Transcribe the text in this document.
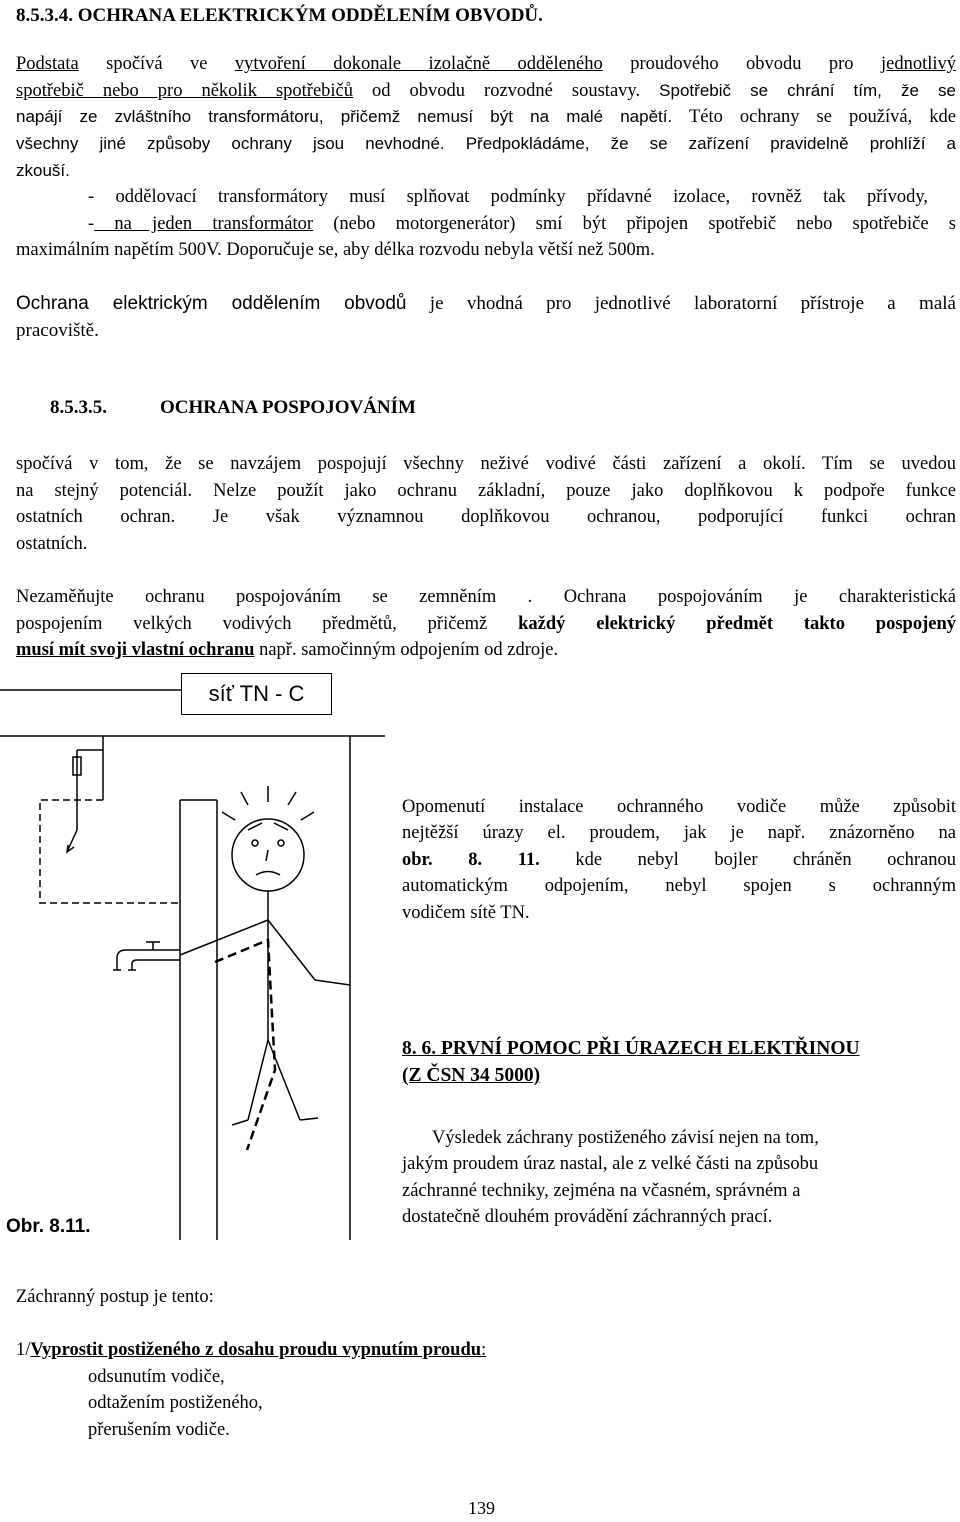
8.5.3.4. OCHRANA ELEKTRICKÝM ODDĚLENÍM OBVODŮ.
Podstata spočívá ve vytvoření dokonale izolačně odděleného proudového obvodu pro jednotlivý
spotřebič nebo pro několik spotřebičů od obvodu rozvodné soustavy. Spotřebič se chrání tím, že se
napájí ze zvláštního transformátoru, přičemž nemusí být na malé napětí. Této ochrany se používá, kde
všechny jiné způsoby ochrany jsou nevhodné. Předpokládáme, že se zařízení pravidelně prohlíží a
zkouší.
- oddělovací transformátory musí splňovat podmínky přídavné izolace, rovněž tak přívody,
- na jeden transformátor (nebo motorgenerátor) smí být připojen spotřebič nebo spotřebiče s
maximálním napětím 500V. Doporučuje se, aby délka rozvodu nebyla větší než 500m.
Ochrana elektrickým oddělením obvodů je vhodná pro jednotlivé laboratorní přístroje a malá
pracoviště.
8.5.3.5.	OCHRANA POSPOJOVÁNÍM
spočívá v tom, že se navzájem pospojují všechny neživé vodivé části zařízení a okolí. Tím se uvedou
na stejný potenciál. Nelze použít jako ochranu základní, pouze jako doplňkovou k podpoře funkce
ostatních ochran. Je však významnou doplňkovou ochranou, podporující funkci ochran
ostatních.
Nezaměňujte ochranu pospojováním se zemněním . Ochrana pospojováním je charakteristická
pospojením velkých vodivých předmětů, přičemž každý elektrický předmět takto pospojený
musí mít svoji vlastní ochranu např. samočinným odpojením od zdroje.
síť TN - C
Obr. 8.11.
Opomenutí instalace ochranného vodiče může způsobit
nejtěžší úrazy el. proudem, jak je např. znázorněno na
obr. 8. 11. kde nebyl bojler chráněn ochranou
automatickým odpojením, nebyl spojen s ochranným
vodičem sítě TN.
8. 6. PRVNÍ POMOC PŘI ÚRAZECH ELEKTŘINOU
(Z ČSN 34 5000)
Výsledek záchrany postiženého závisí nejen na tom,
jakým proudem úraz nastal, ale z velké části na způsobu
záchranné techniky, zejména na včasném, správném a
dostatečně dlouhém provádění záchranných prací.
Záchranný postup je tento:
1/Vyprostit postiženého z dosahu proudu vypnutím proudu:
odsunutím vodiče,
odtažením postiženého,
přerušením vodiče.
139
